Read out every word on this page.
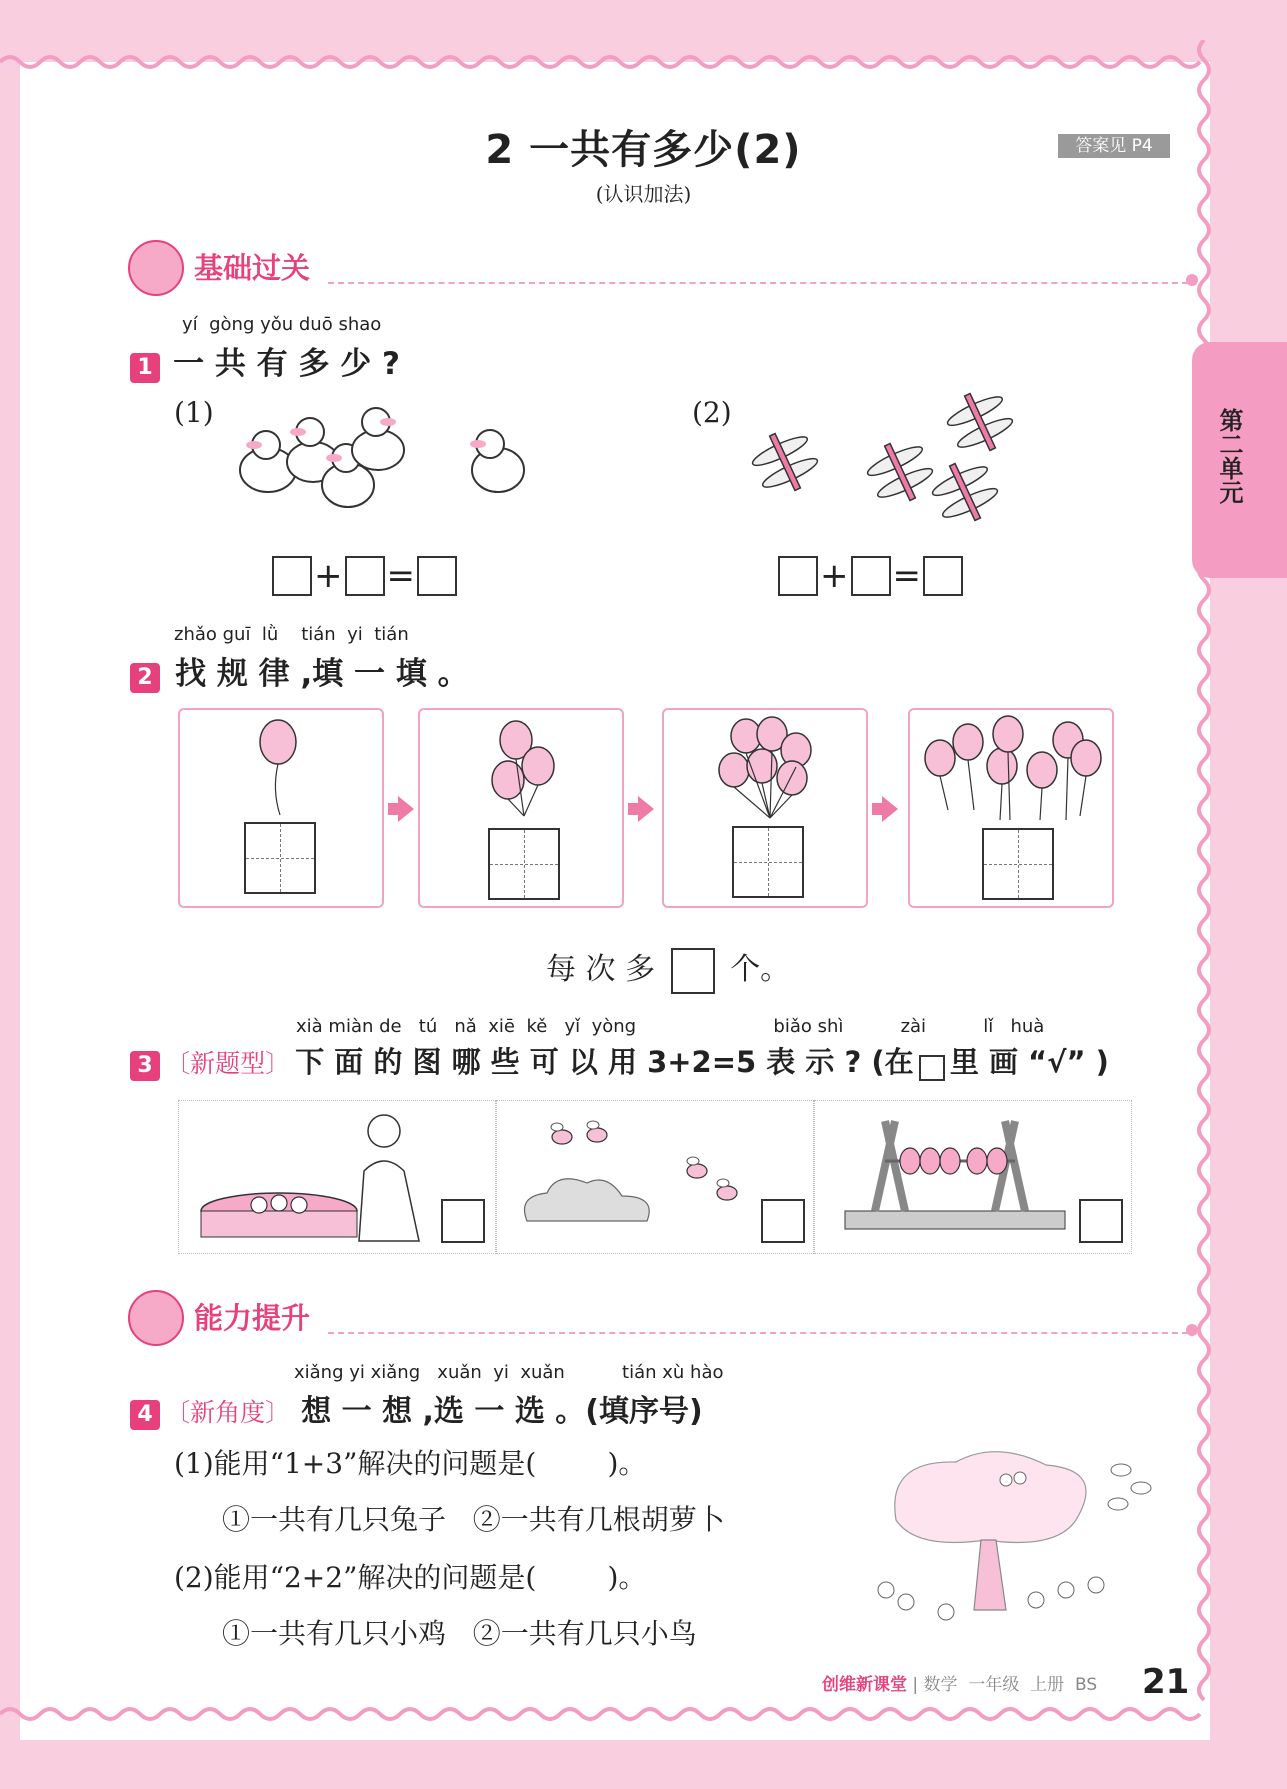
2 一共有多少(2)
(认识加法)
答案见 P4
第二单元
基础过关
yí  gòng yǒu duō shao
1 一 共 有 多 少 ?
(1)	(2)
+ =	+ =
zhǎo guī  lǜ    tián  yi  tián
2 找 规 律 ,填 一 填 。
每 次 多	个。
xià miàn de   tú   nǎ  xiē  kě   yǐ  yòng                        biǎo shì          zài          lǐ   huà
3 〔新题型〕 下 面 的 图 哪 些 可 以 用 3+2=5 表 示 ? (在 里 画 “√” )
能力提升
xiǎng yi xiǎng   xuǎn  yi  xuǎn          tián xù hào
4 〔新角度〕 想 一 想 ,选 一 选 。(填序号)
(1)能用“1+3”解决的问题是(        )。
①一共有几只兔子   ②一共有几根胡萝卜
(2)能用“2+2”解决的问题是(        )。
①一共有几只小鸡   ②一共有几只小鸟
创维新课堂 | 数学  一年级  上册  BS 21
